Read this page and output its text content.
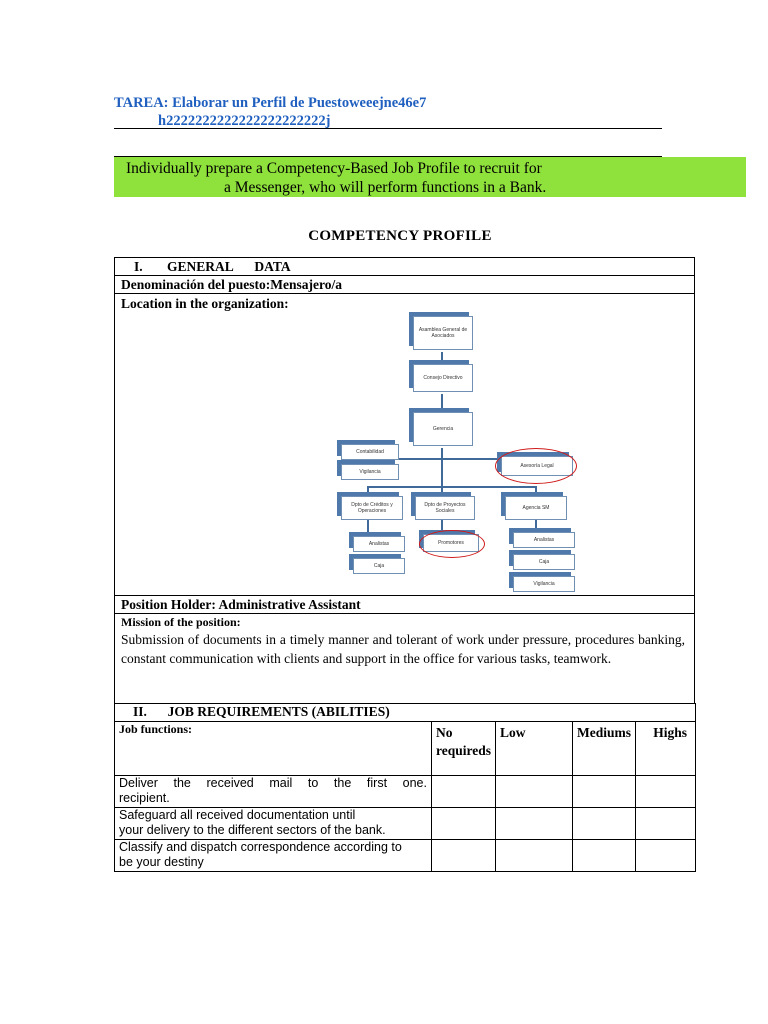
TAREA: Elaborar un Perfil de Puestoweeejne46e7
h2222222222222222222222j
Individually prepare a Competency-Based Job Profile to recruit for
a Messenger, who will perform functions in a Bank.
COMPETENCY PROFILE
I. GENERAL DATA
Denominación del puesto:Mensajero/a
Location in the organization:
Position Holder: Administrative Assistant
Mission of the position:
Submission of documents in a timely manner and tolerant of work under pressure, procedures banking, constant communication with clients and support in the office for various tasks, teamwork.
Asamblea General de Asociados
Consejo Directivo
Gerencia
Contabilidad
Vigilancia
Asesoría Legal
Dpto de Créditos y Operaciones
Dpto de Proyectos Sociales	Agencia SM
Analistas
Caja
Promotores	Analistas
Caja
Vigilancia
II. JOB REQUIREMENTS (ABILITIES)				
Job functions:	No requireds	Low	Mediums	Highs

Deliver the received mail to the first one.
recipient.				

Safeguard all received documentation until
your delivery to the different sectors of the bank.				

Classify and dispatch correspondence according to
be your destiny				
